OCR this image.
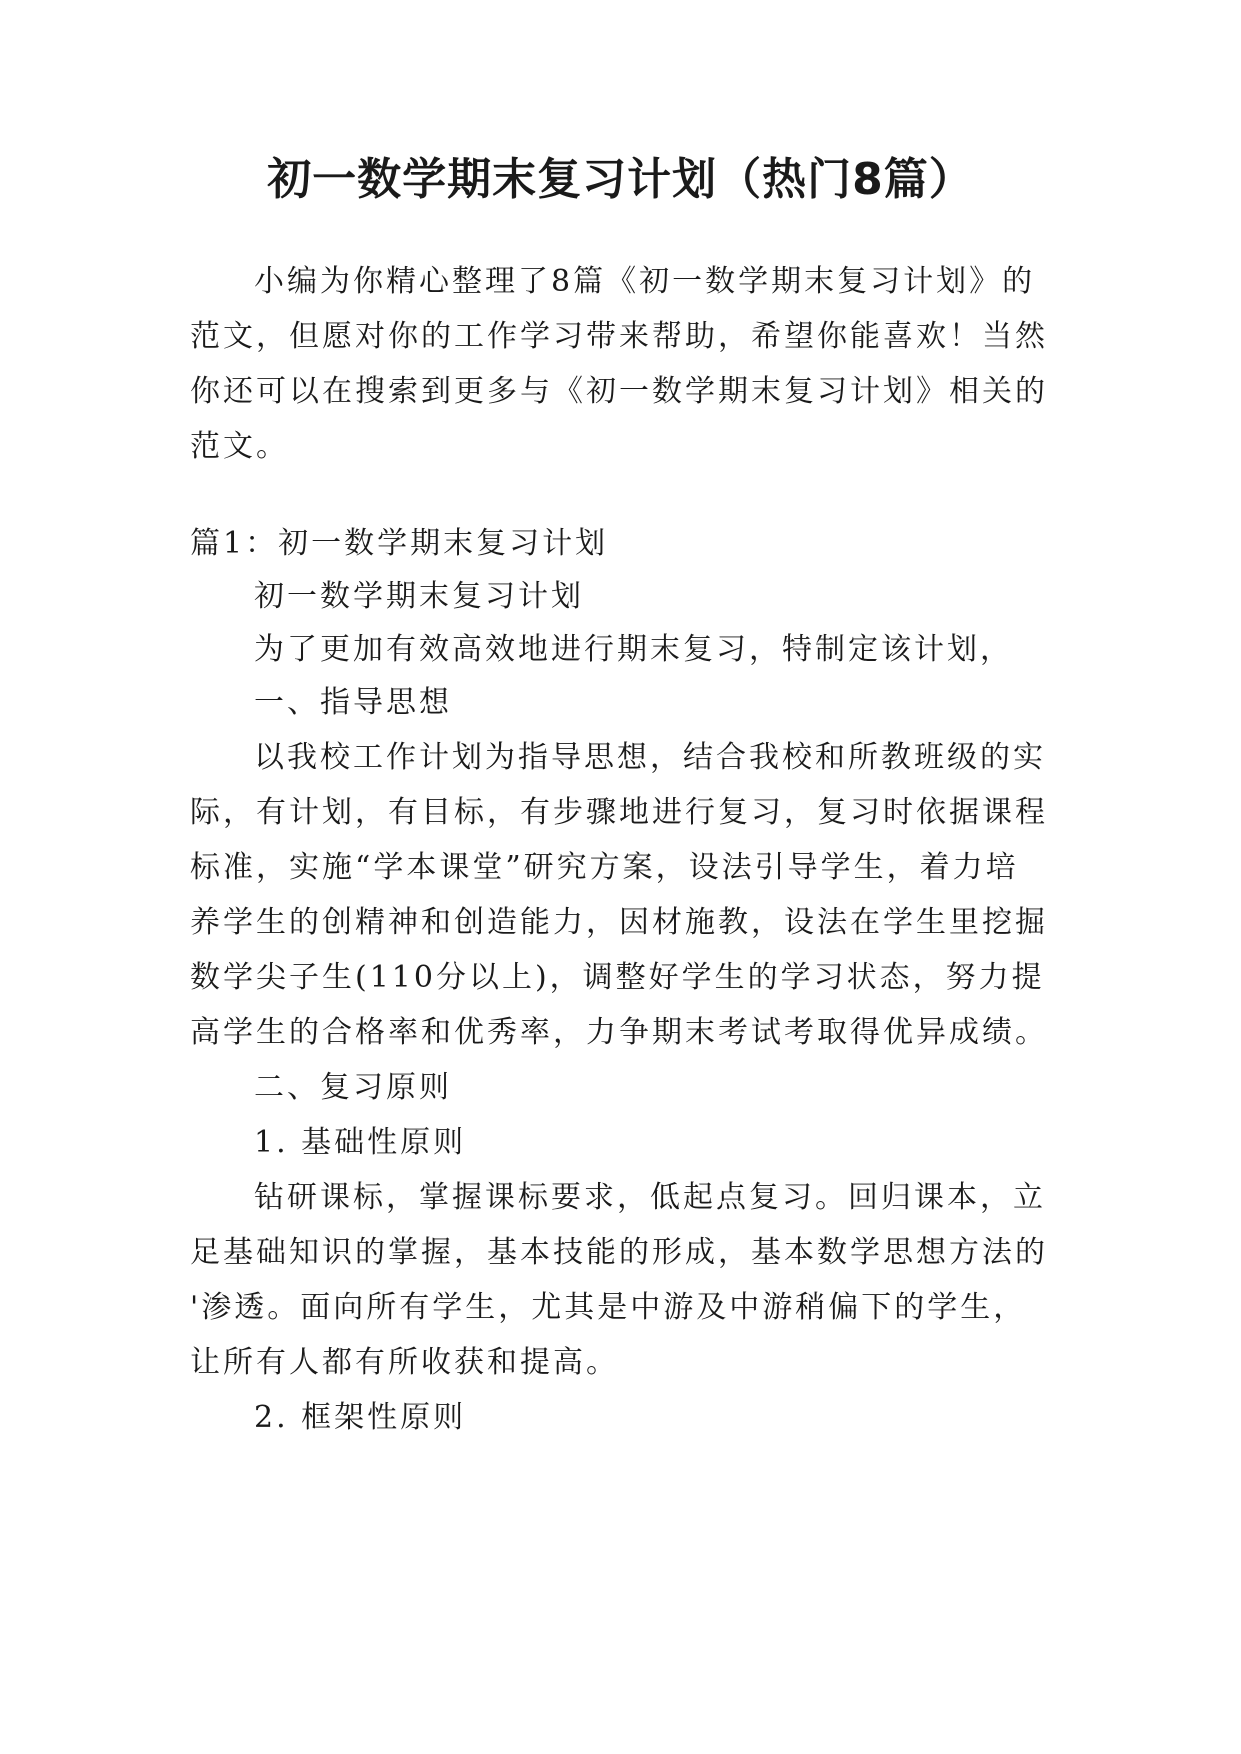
初一数学期末复习计划（热门8篇）
小编为你精心整理了8篇《初一数学期末复习计划》的
范文，但愿对你的工作学习带来帮助，希望你能喜欢！当然
你还可以在搜索到更多与《初一数学期末复习计划》相关的
范文。
篇1：初一数学期末复习计划
初一数学期末复习计划
为了更加有效高效地进行期末复习，特制定该计划，
一、指导思想
以我校工作计划为指导思想，结合我校和所教班级的实
际，有计划，有目标，有步骤地进行复习，复习时依据课程
标准，实施“学本课堂”研究方案，设法引导学生，着力培
养学生的创精神和创造能力，因材施教，设法在学生里挖掘
数学尖子生(110分以上)，调整好学生的学习状态，努力提
高学生的合格率和优秀率，力争期末考试考取得优异成绩。
二、复习原则
1. 基础性原则
钻研课标，掌握课标要求，低起点复习。回归课本，立
足基础知识的掌握，基本技能的形成，基本数学思想方法的
'渗透。面向所有学生，尤其是中游及中游稍偏下的学生，
让所有人都有所收获和提高。
2. 框架性原则
